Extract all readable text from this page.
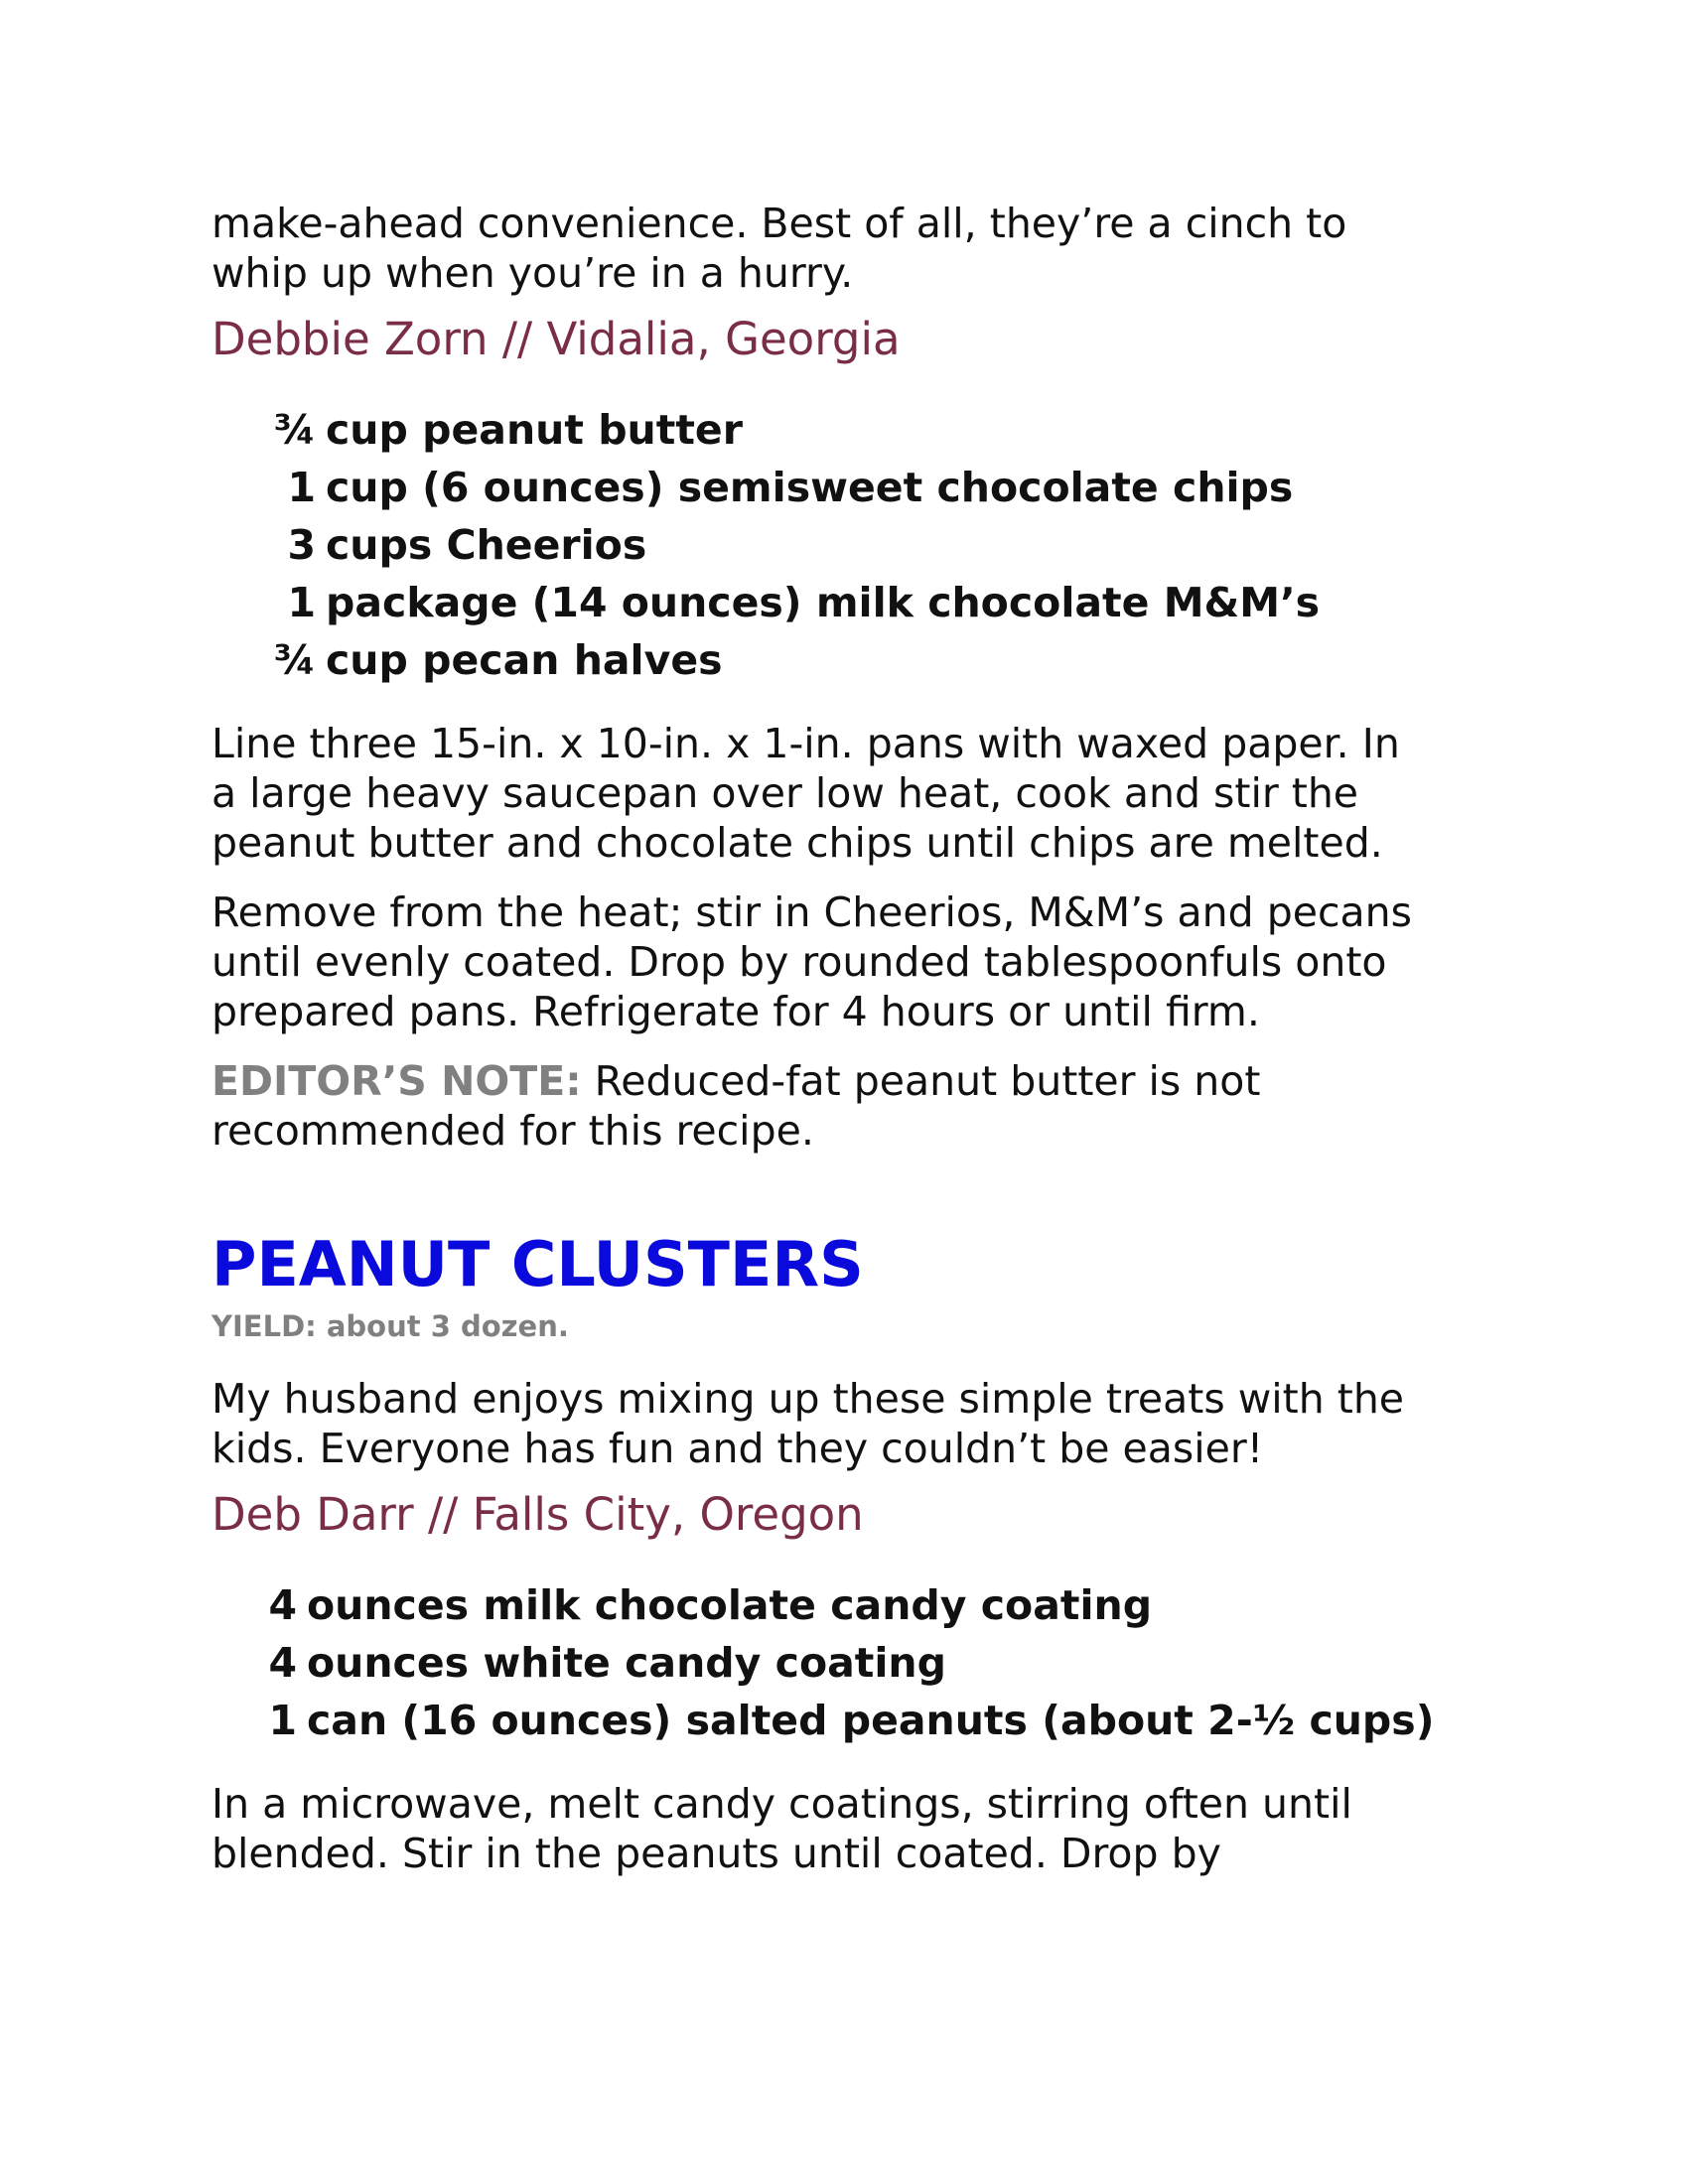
make-ahead convenience. Best of all, they’re a cinch to
whip up when you’re in a hurry.

Debbie Zorn // Vidalia, Georgia

¾ cup peanut butter
1 cup (6 ounces) semisweet chocolate chips
3 cups Cheerios
1 package (14 ounces) milk chocolate M&M’s
¾ cup pecan halves

Line three 15-in. x 10-in. x 1-in. pans with waxed paper. In
a large heavy saucepan over low heat, cook and stir the
peanut butter and chocolate chips until chips are melted.

Remove from the heat; stir in Cheerios, M&M’s and pecans
until evenly coated. Drop by rounded tablespoonfuls onto
prepared pans. Refrigerate for 4 hours or until firm.

EDITOR’S NOTE: Reduced-fat peanut butter is not
recommended for this recipe.

PEANUT CLUSTERS

YIELD: about 3 dozen.

My husband enjoys mixing up these simple treats with the
kids. Everyone has fun and they couldn’t be easier!

Deb Darr // Falls City, Oregon

4 ounces milk chocolate candy coating
4 ounces white candy coating
1 can (16 ounces) salted peanuts (about 2-½ cups)

In a microwave, melt candy coatings, stirring often until
blended. Stir in the peanuts until coated. Drop by
